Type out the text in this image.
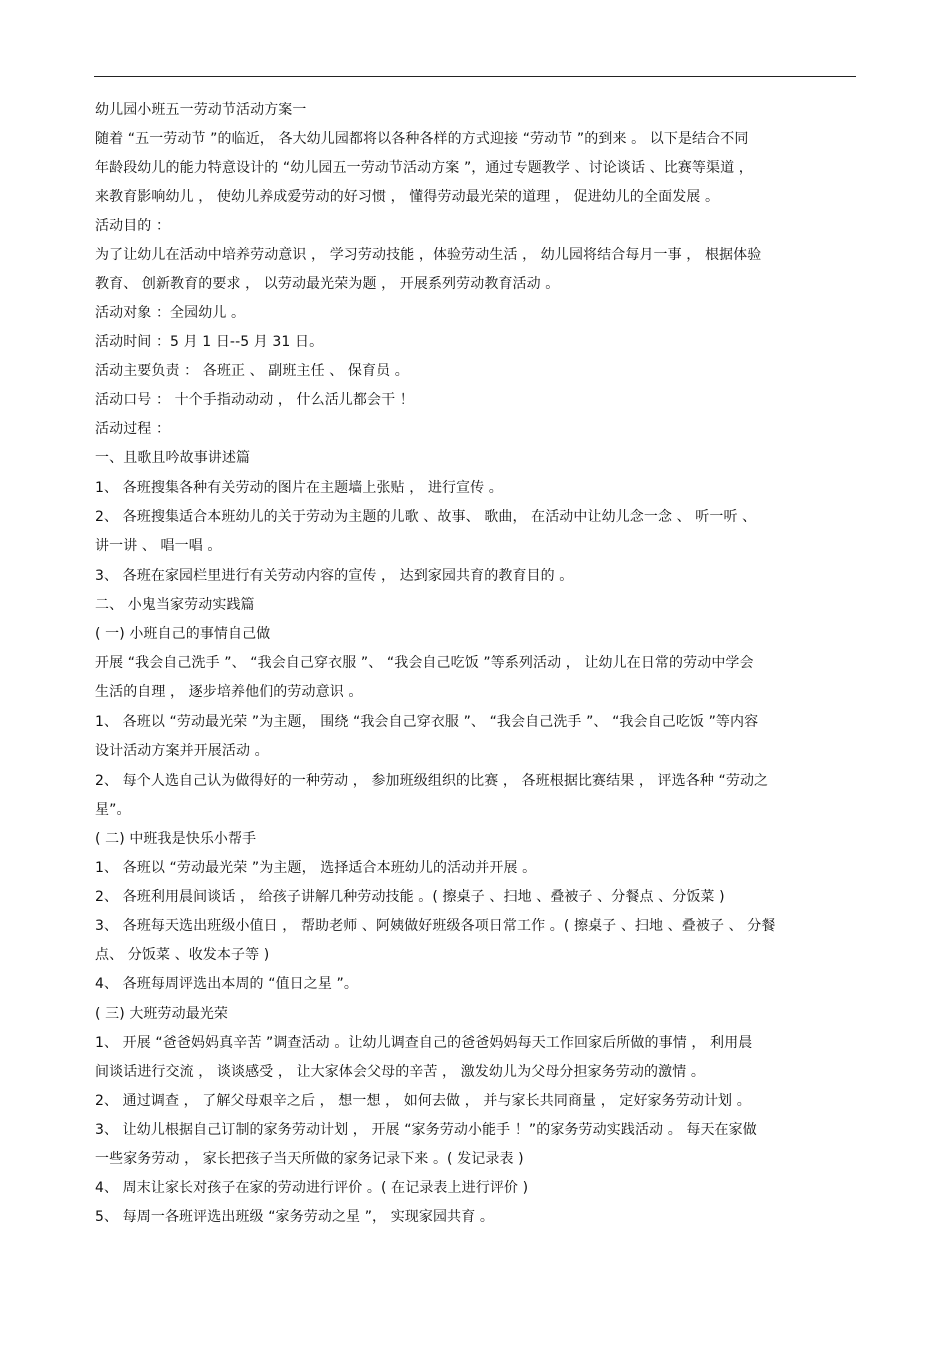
幼儿园小班五一劳动节活动方案一

随着 “五一劳动节 ”的临近， 各大幼儿园都将以各种各样的方式迎接 “劳动节 ”的到来 。 以下是结合不同

年龄段幼儿的能力特意设计的 “幼儿园五一劳动节活动方案 ”，通过专题教学 、讨论谈话 、比赛等渠道 ，

来教育影响幼儿 ， 使幼儿养成爱劳动的好习惯 ， 懂得劳动最光荣的道理 ， 促进幼儿的全面发展 。

活动目的 ：

为了让幼儿在活动中培养劳动意识 ， 学习劳动技能 ，体验劳动生活 ， 幼儿园将结合每月一事 ， 根据体验

教育、 创新教育的要求 ， 以劳动最光荣为题 ， 开展系列劳动教育活动 。

活动对象 ：全园幼儿 。

活动时间 ：5 月 1 日--5 月 31 日。

活动主要负责 ： 各班正 、 副班主任 、 保育员 。

活动口号 ： 十个手指动动动 ， 什么活儿都会干 ！

活动过程 ：

一、且歌且吟故事讲述篇

1、 各班搜集各种有关劳动的图片在主题墙上张贴 ， 进行宣传 。

2、 各班搜集适合本班幼儿的关于劳动为主题的儿歌 、故事、 歌曲， 在活动中让幼儿念一念 、 听一听 、

讲一讲 、 唱一唱 。

3、 各班在家园栏里进行有关劳动内容的宣传 ， 达到家园共育的教育目的 。

二、 小鬼当家劳动实践篇

( 一) 小班自己的事情自己做

开展 “我会自己洗手 ”、 “我会自己穿衣服 ”、 “我会自己吃饭 ”等系列活动 ， 让幼儿在日常的劳动中学会

生活的自理 ， 逐步培养他们的劳动意识 。

1、 各班以 “劳动最光荣 ”为主题， 围绕 “我会自己穿衣服 ”、 “我会自己洗手 ”、 “我会自己吃饭 ”等内容

设计活动方案并开展活动 。

2、 每个人选自己认为做得好的一种劳动 ， 参加班级组织的比赛 ， 各班根据比赛结果 ， 评选各种 “劳动之

星”。

( 二) 中班我是快乐小帮手

1、 各班以 “劳动最光荣 ”为主题， 选择适合本班幼儿的活动并开展 。

2、 各班利用晨间谈话 ， 给孩子讲解几种劳动技能 。( 擦桌子 、扫地 、叠被子 、分餐点 、分饭菜 )

3、 各班每天选出班级小值日 ， 帮助老师 、阿姨做好班级各项日常工作 。( 擦桌子 、扫地 、叠被子 、 分餐

点、 分饭菜 、收发本子等 )

4、 各班每周评选出本周的 “值日之星 ”。

( 三) 大班劳动最光荣

1、 开展 “爸爸妈妈真辛苦 ”调查活动 。让幼儿调查自己的爸爸妈妈每天工作回家后所做的事情 ， 利用晨

间谈话进行交流 ， 谈谈感受 ， 让大家体会父母的辛苦 ， 激发幼儿为父母分担家务劳动的激情 。

2、 通过调查 ， 了解父母艰辛之后 ， 想一想 ， 如何去做 ， 并与家长共同商量 ， 定好家务劳动计划 。

3、 让幼儿根据自己订制的家务劳动计划 ， 开展 “家务劳动小能手 ！”的家务劳动实践活动 。 每天在家做

一些家务劳动 ， 家长把孩子当天所做的家务记录下来 。( 发记录表 )

4、 周末让家长对孩子在家的劳动进行评价 。( 在记录表上进行评价 )

5、 每周一各班评选出班级 “家务劳动之星 ”， 实现家园共育 。
